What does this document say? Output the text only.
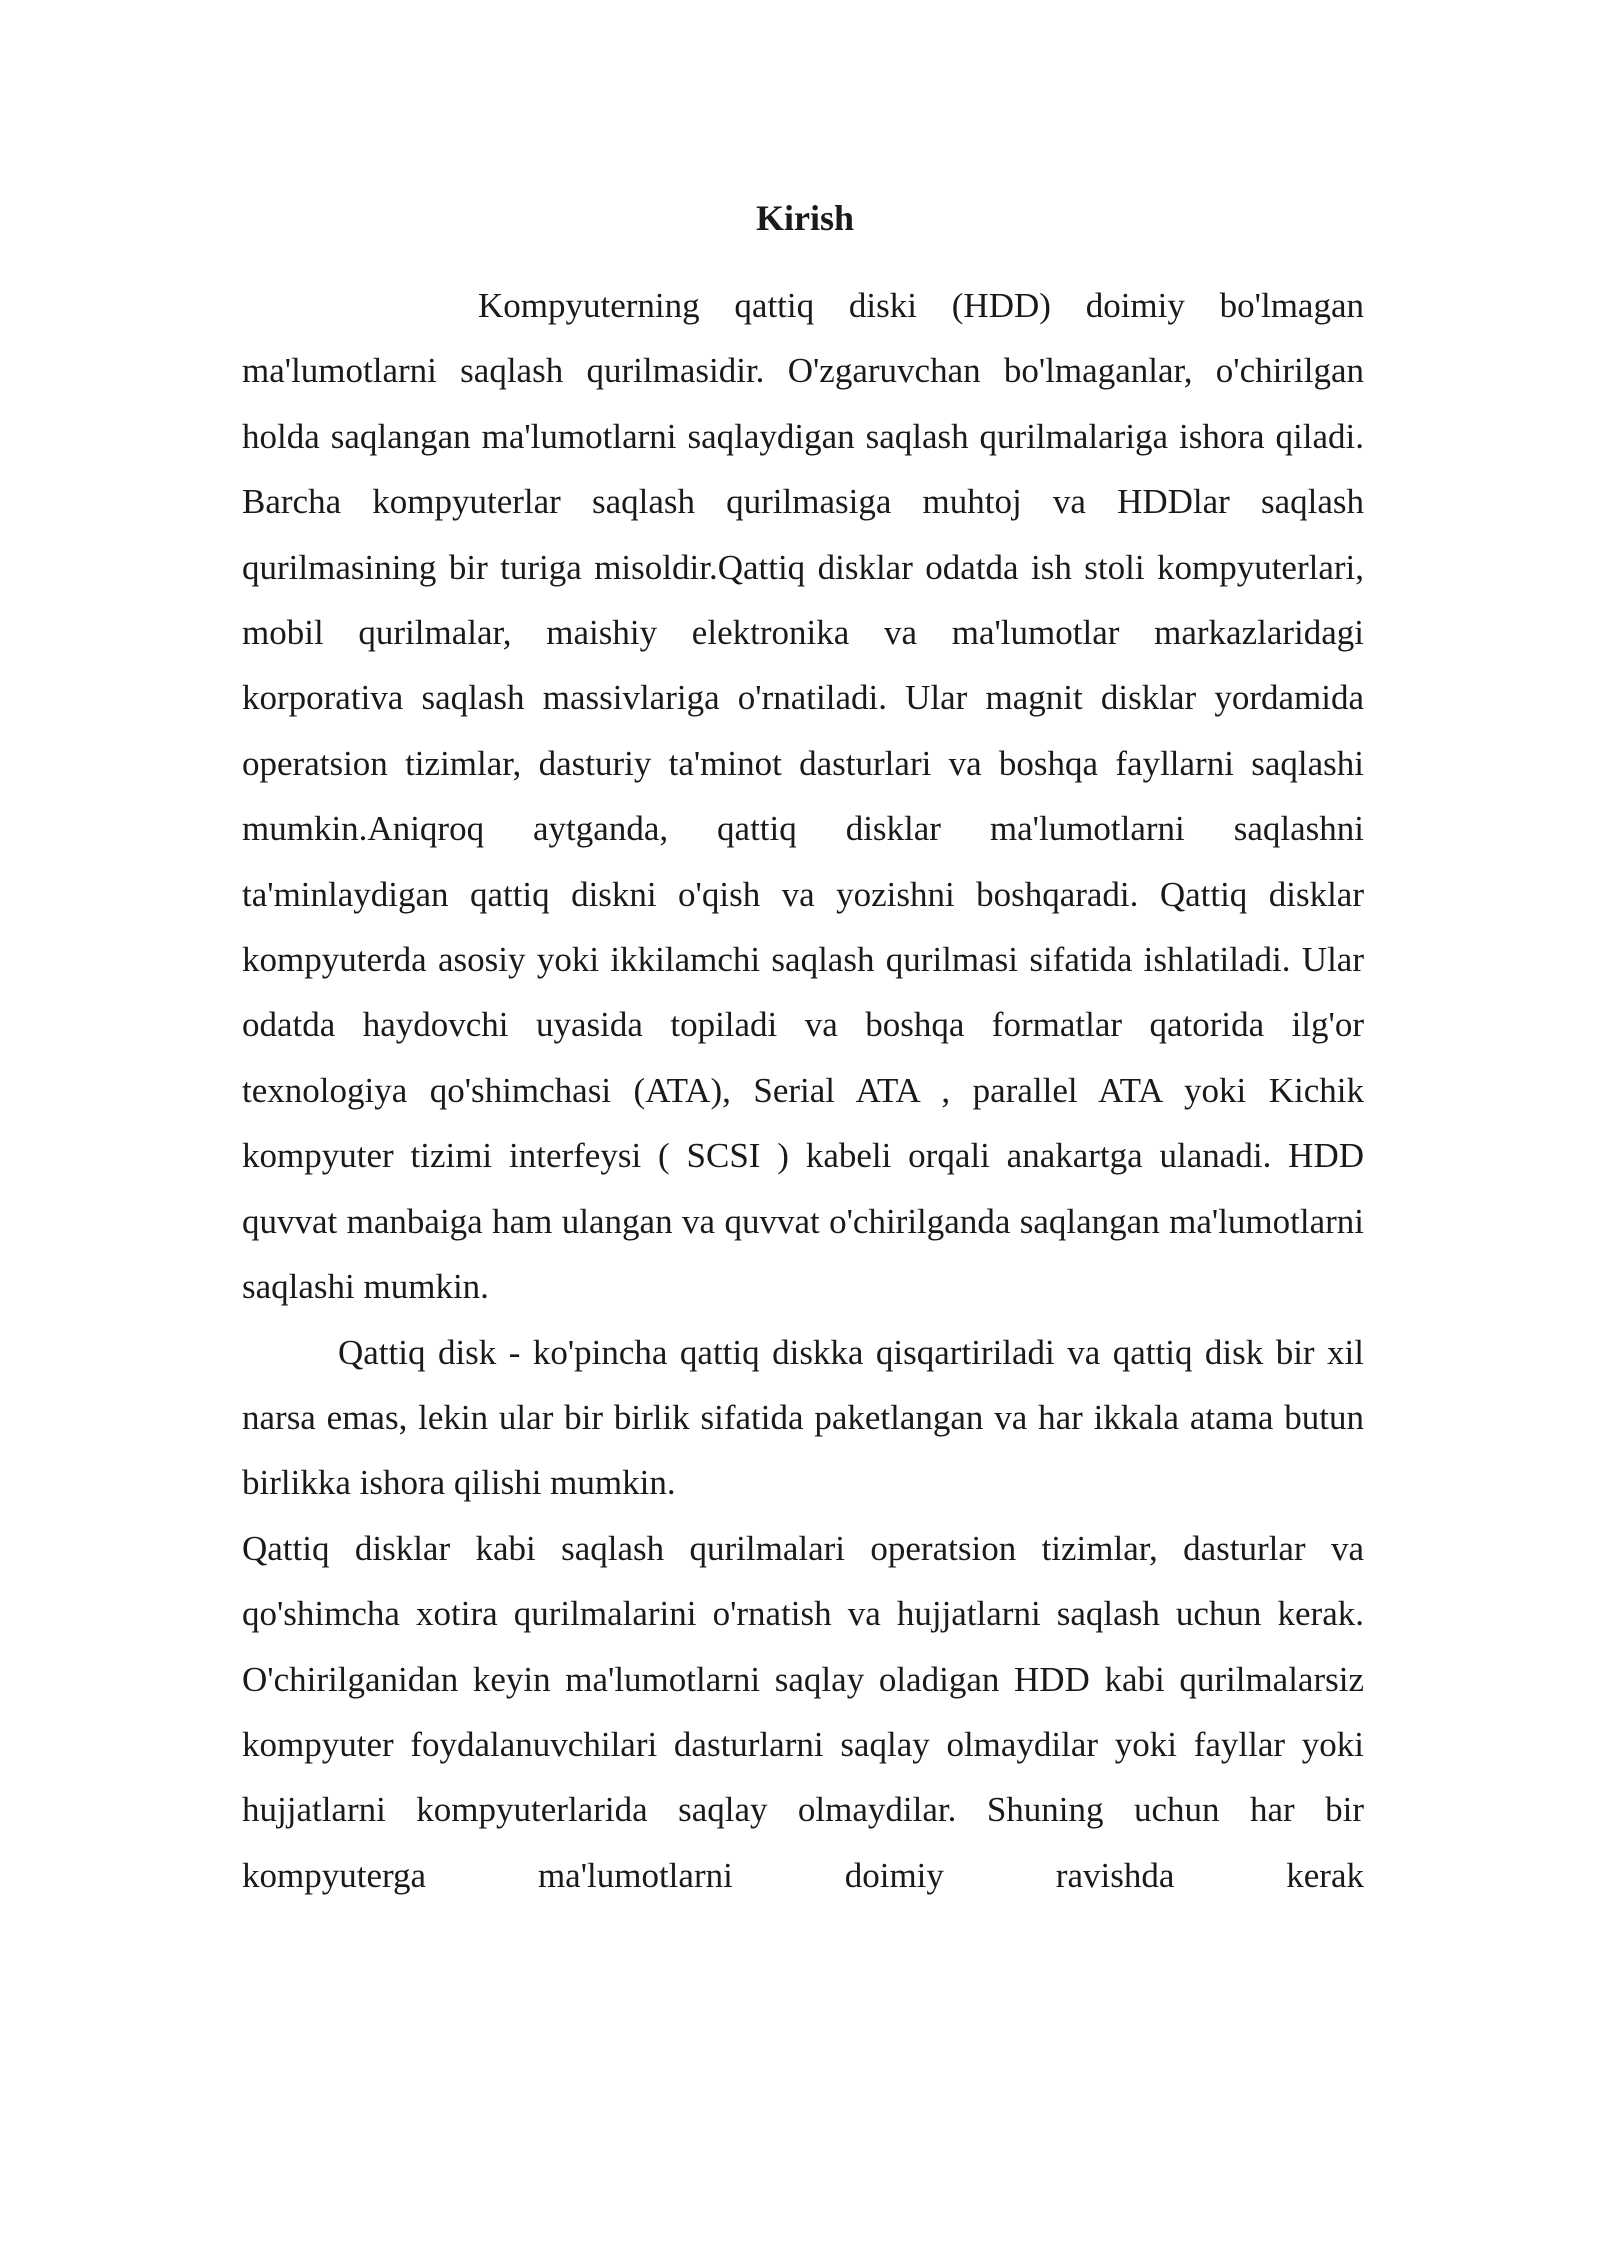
Kirish

Kompyuterning qattiq diski (HDD) doimiy bo'lmagan ma'lumotlarni saqlash qurilmasidir. O'zgaruvchan bo'lmaganlar, o'chirilgan holda saqlangan ma'lumotlarni saqlaydigan saqlash qurilmalariga ishora qiladi. Barcha kompyuterlar saqlash qurilmasiga muhtoj va HDDlar saqlash qurilmasining bir turiga misoldir.Qattiq disklar odatda ish stoli kompyuterlari, mobil qurilmalar, maishiy elektronika va ma'lumotlar markazlaridagi korporativa saqlash massivlariga o'rnatiladi. Ular magnit disklar yordamida operatsion tizimlar, dasturiy ta'minot dasturlari va boshqa fayllarni saqlashi mumkin.Aniqroq aytganda, qattiq disklar ma'lumotlarni saqlashni ta'minlaydigan qattiq diskni o'qish va yozishni boshqaradi. Qattiq disklar kompyuterda asosiy yoki ikkilamchi saqlash qurilmasi sifatida ishlatiladi. Ular odatda haydovchi uyasida topiladi va boshqa formatlar qatorida ilg'or texnologiya qo'shimchasi (ATA), Serial ATA , parallel ATA yoki Kichik kompyuter tizimi interfeysi ( SCSI ) kabeli orqali anakartga ulanadi. HDD quvvat manbaiga ham ulangan va quvvat o'chirilganda saqlangan ma'lumotlarni saqlashi mumkin.

Qattiq disk - ko'pincha qattiq diskka qisqartiriladi va qattiq disk bir xil narsa emas, lekin ular bir birlik sifatida paketlangan va har ikkala atama butun birlikka ishora qilishi mumkin.

Qattiq disklar kabi saqlash qurilmalari operatsion tizimlar, dasturlar va qo'shimcha xotira qurilmalarini o'rnatish va hujjatlarni saqlash uchun kerak. O'chirilganidan keyin ma'lumotlarni saqlay oladigan HDD kabi qurilmalarsiz kompyuter foydalanuvchilari dasturlarni saqlay olmaydilar yoki fayllar yoki hujjatlarni kompyuterlarida saqlay olmaydilar. Shuning uchun har bir kompyuterga ma'lumotlarni doimiy ravishda kerak
